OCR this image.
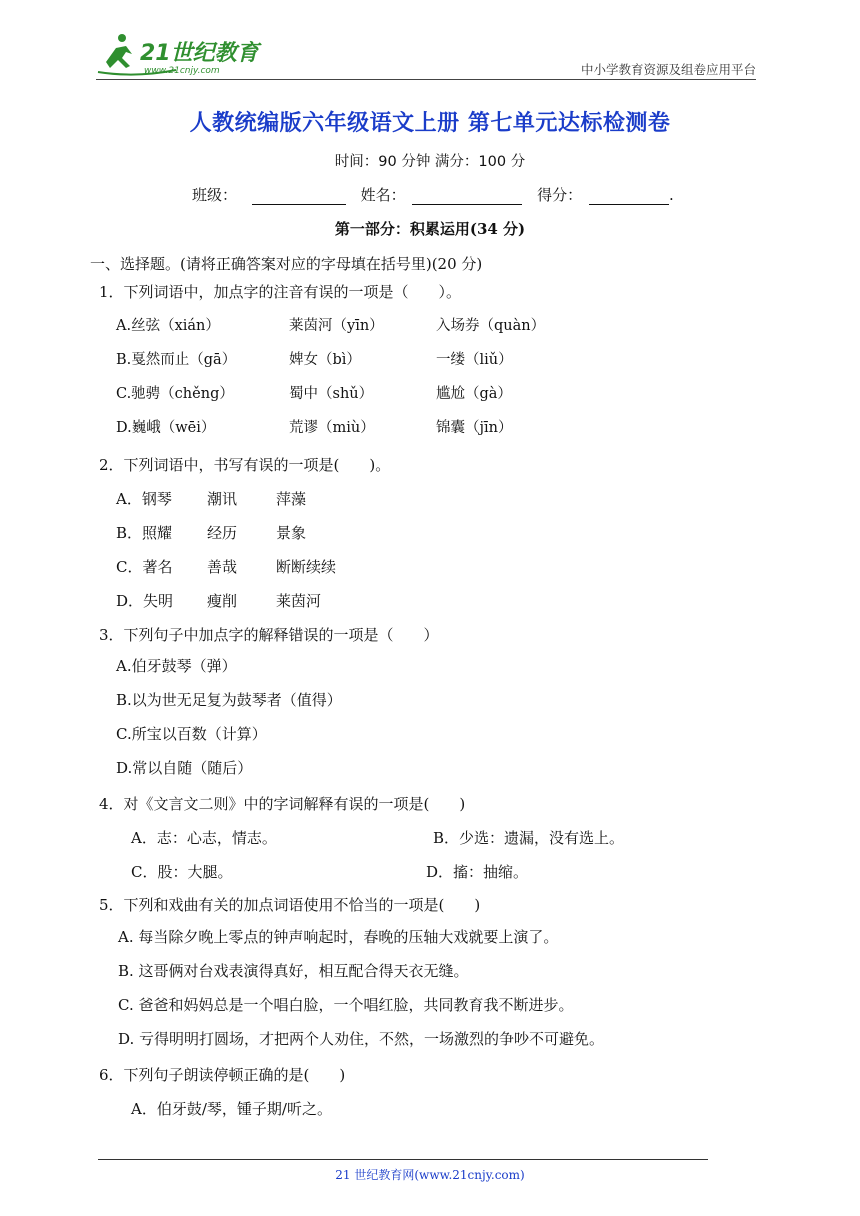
21世纪教育
www.21cnjy.com	中小学教育资源及组卷应用平台
人教统编版六年级语文上册 第七单元达标检测卷
时间：90 分钟 满分：100 分
班级：	姓名：	得分：	.
第一部分：积累运用(34 分)
一、选择题。(请将正确答案对应的字母填在括号里)(20 分)
1．下列词语中，加点字的注音有误的一项是（　　）。
A.丝弦（xián）	莱茵河（yīn）	入场券（quàn）
B.戛然而止（gā）	婢女（bì）	一缕（liǔ）
C.驰骋（chěng）	蜀中（shǔ）	尴尬（gà）
D.巍峨（wēi）	荒谬（miù）	锦囊（jīn）
2．下列词语中，书写有误的一项是(　　)。
A．钢琴 潮讯	萍藻
B．照耀 经历	景象
C．著名 善哉	断断续续
D．失明 瘦削	莱茵河
3．下列句子中加点字的解释错误的一项是（　　）
A.伯牙鼓琴（弹）
B.以为世无足复为鼓琴者（值得）
C.所宝以百数（计算）
D.常以自随（随后）
4．对《文言文二则》中的字词解释有误的一项是(　　)
A．志：心志，情志。	B．少选：遗漏，没有选上。
C．股：大腿。	D．搐：抽缩。
5．下列和戏曲有关的加点词语使用不恰当的一项是(　　)
A. 每当除夕晚上零点的钟声响起时，春晚的压轴大戏就要上演了。
B. 这哥俩对台戏表演得真好，相互配合得天衣无缝。
C. 爸爸和妈妈总是一个唱白脸，一个唱红脸，共同教育我不断进步。
D. 亏得明明打圆场，才把两个人劝住，不然，一场激烈的争吵不可避免。
6．下列句子朗读停顿正确的是(　　)
A．伯牙鼓/琴，锺子期/听之。
21 世纪教育网(www.21cnjy.com)
